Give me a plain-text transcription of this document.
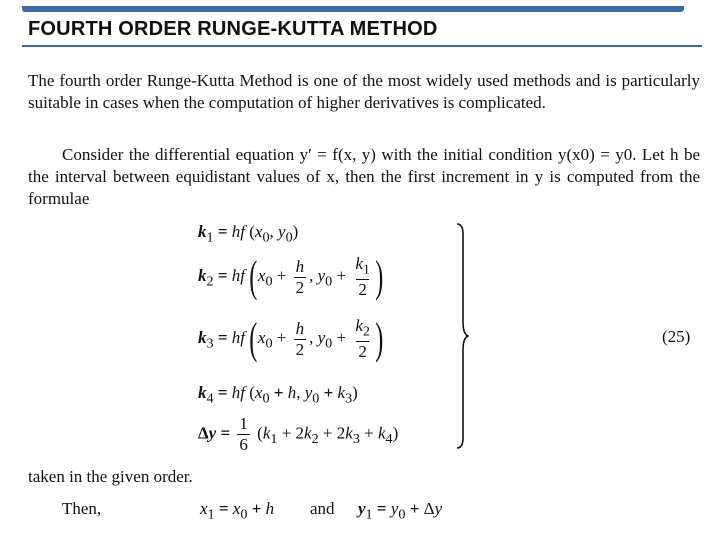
FOURTH ORDER RUNGE-KUTTA METHOD

The fourth order Runge-Kutta Method is one of the most widely used methods and is particularly suitable in cases when the computation of higher derivatives is complicated.

Consider the differential equation y′ = f(x, y) with the initial condition y(x0) = y0. Let h be the interval between equidistant values of x, then the first increment in y is computed from the formulae

$k_1$ = hf ($x_0$, $y_0$)
$k_2$ = hf ($x_0 + \frac{h}{2}$ , $y_0 + \frac{k_1}{2}$ )
$k_3$ = hf ($x_0 + \frac{h}{2}$ , $y_0 + \frac{k_2}{2}$ )
$k_4$ = hf ($x_0 + h$, $y_0 + k_3$)
$\Delta y = \frac{1}{6} (k_1 + 2k_2 + 2k_3 + k_4)$
(25)
taken in the given order.
Then,	$x_1 = x_0 + h$ and $y_1 = y_0 + \Delta y$
